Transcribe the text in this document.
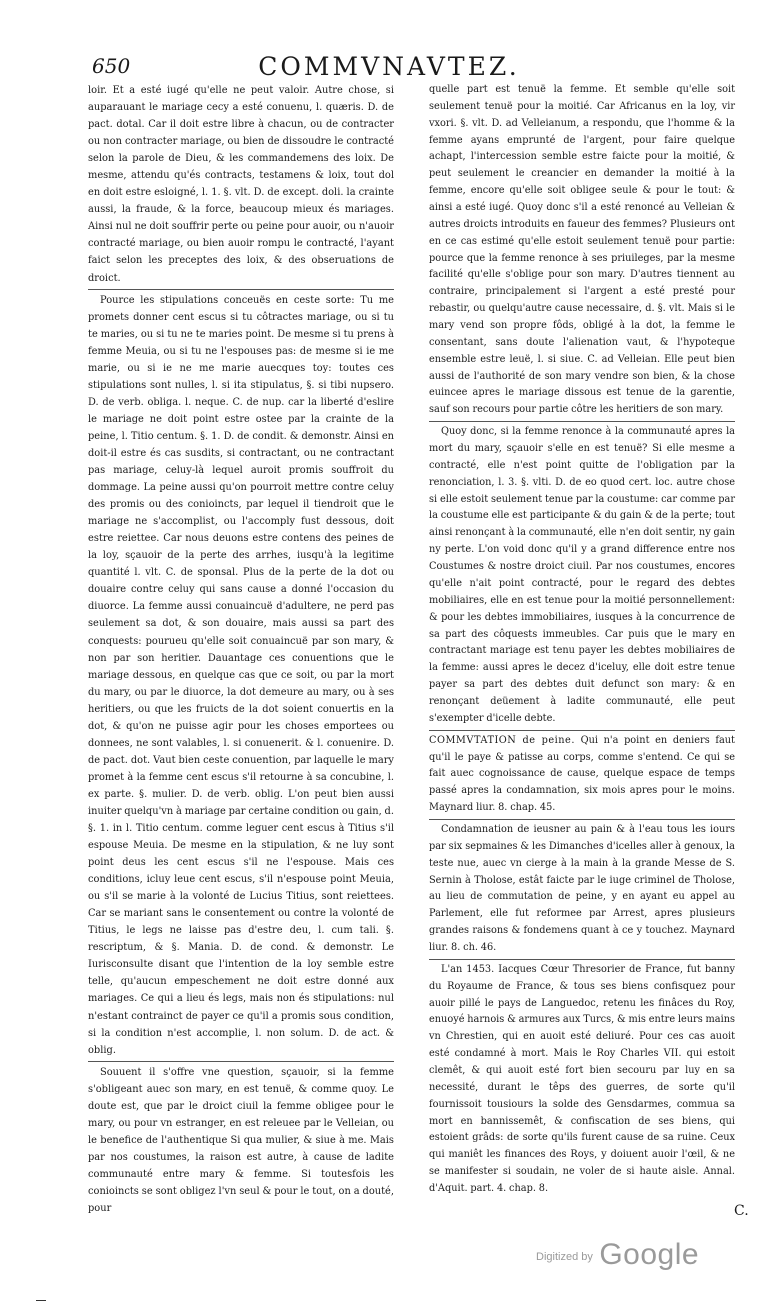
650	COMMVNAVTEZ.

loir. Et a esté iugé qu'elle ne peut valoir. Autre chose, si auparauant le mariage cecy a esté conuenu, l. quæris. D. de pact. dotal. Car il doit estre libre à chacun, ou de contracter ou non contracter mariage, ou bien de dissoudre le contracté selon la parole de Dieu, & les commandemens des loix. De mesme, attendu qu'és contracts, testamens & loix, tout dol en doit estre esloigné, l. 1. §. vlt. D. de except. doli. la crainte aussi, la fraude, & la force, beaucoup mieux és mariages. Ainsi nul ne doit souffrir perte ou peine pour auoir, ou n'auoir contracté mariage, ou bien auoir rompu le contracté, l'ayant faict selon les preceptes des loix, & des obseruations de droict.

Pource les stipulations conceuës en ceste sorte: Tu me promets donner cent escus si tu côtractes mariage, ou si tu te maries, ou si tu ne te maries point. De mesme si tu prens à femme Meuia, ou si tu ne l'espouses pas: de mesme si ie me marie, ou si ie ne me marie auecques toy: toutes ces stipulations sont nulles, l. si ita stipulatus, §. si tibi nupsero. D. de verb. obliga. l. neque. C. de nup. car la liberté d'eslire le mariage ne doit point estre ostee par la crainte de la peine, l. Titio centum. §. 1. D. de condit. & demonstr. Ainsi en doit-il estre és cas susdits, si contractant, ou ne contractant pas mariage, celuy-là lequel auroit promis souffroit du dommage. La peine aussi qu'on pourroit mettre contre celuy des promis ou des conioincts, par lequel il tiendroit que le mariage ne s'accomplist, ou l'accomply fust dessous, doit estre reiettee. Car nous deuons estre contens des peines de la loy, sçauoir de la perte des arrhes, iusqu'à la legitime quantité l. vlt. C. de sponsal. Plus de la perte de la dot ou douaire contre celuy qui sans cause a donné l'occasion du diuorce. La femme aussi conuaincuë d'adultere, ne perd pas seulement sa dot, & son douaire, mais aussi sa part des conquests: pourueu qu'elle soit conuaincuë par son mary, & non par son heritier. Dauantage ces conuentions que le mariage dessous, en quelque cas que ce soit, ou par la mort du mary, ou par le diuorce, la dot demeure au mary, ou à ses heritiers, ou que les fruicts de la dot soient conuertis en la dot, & qu'on ne puisse agir pour les choses emportees ou donnees, ne sont valables, l. si conuenerit. & l. conuenire. D. de pact. dot. Vaut bien ceste conuention, par laquelle le mary promet à la femme cent escus s'il retourne à sa concubine, l. ex parte. §. mulier. D. de verb. oblig. L'on peut bien aussi inuiter quelqu'vn à mariage par certaine condition ou gain, d. §. 1. in l. Titio centum. comme leguer cent escus à Titius s'il espouse Meuia. De mesme en la stipulation, & ne luy sont point deus les cent escus s'il ne l'espouse. Mais ces conditions, icluy leue cent escus, s'il n'espouse point Meuia, ou s'il se marie à la volonté de Lucius Titius, sont reiettees. Car se mariant sans le consentement ou contre la volonté de Titius, le legs ne laisse pas d'estre deu, l. cum tali. §. rescriptum, & §. Mania. D. de cond. & demonstr. Le Iurisconsulte disant que l'intention de la loy semble estre telle, qu'aucun empeschement ne doit estre donné aux mariages. Ce qui a lieu és legs, mais non és stipulations: nul n'estant contrainct de payer ce qu'il a promis sous condition, si la condition n'est accomplie, l. non solum. D. de act. & oblig.

Souuent il s'offre vne question, sçauoir, si la femme s'obligeant auec son mary, en est tenuë, & comme quoy. Le doute est, que par le droict ciuil la femme obligee pour le mary, ou pour vn estranger, en est releuee par le Velleian, ou le benefice de l'authentique Si qua mulier, & siue à me. Mais par nos coustumes, la raison est autre, à cause de ladite communauté entre mary & femme. Si toutesfois les conioincts se sont obligez l'vn seul & pour le tout, on a douté, pour

quelle part est tenuë la femme. Et semble qu'elle soit seulement tenuë pour la moitié. Car Africanus en la loy, vir vxori. §. vlt. D. ad Velleianum, a respondu, que l'homme & la femme ayans emprunté de l'argent, pour faire quelque achapt, l'intercession semble estre faicte pour la moitié, & peut seulement le creancier en demander la moitié à la femme, encore qu'elle soit obligee seule & pour le tout: & ainsi a esté iugé. Quoy donc s'il a esté renoncé au Velleian & autres droicts introduits en faueur des femmes? Plusieurs ont en ce cas estimé qu'elle estoit seulement tenuë pour partie: pource que la femme renonce à ses priuileges, par la mesme facilité qu'elle s'oblige pour son mary. D'autres tiennent au contraire, principalement si l'argent a esté presté pour rebastir, ou quelqu'autre cause necessaire, d. §. vlt. Mais si le mary vend son propre fôds, obligé à la dot, la femme le consentant, sans doute l'alienation vaut, & l'hypoteque ensemble estre leuë, l. si siue. C. ad Velleian. Elle peut bien aussi de l'authorité de son mary vendre son bien, & la chose euincee apres le mariage dissous est tenue de la garentie, sauf son recours pour partie côtre les heritiers de son mary.

Quoy donc, si la femme renonce à la communauté apres la mort du mary, sçauoir s'elle en est tenuë? Si elle mesme a contracté, elle n'est point quitte de l'obligation par la renonciation, l. 3. §. vlti. D. de eo quod cert. loc. autre chose si elle estoit seulement tenue par la coustume: car comme par la coustume elle est participante & du gain & de la perte; tout ainsi renonçant à la communauté, elle n'en doit sentir, ny gain ny perte. L'on void donc qu'il y a grand difference entre nos Coustumes & nostre droict ciuil. Par nos coustumes, encores qu'elle n'ait point contracté, pour le regard des debtes mobiliaires, elle en est tenue pour la moitié personnellement: & pour les debtes immobiliaires, iusques à la concurrence de sa part des côquests immeubles. Car puis que le mary en contractant mariage est tenu payer les debtes mobiliaires de la femme: aussi apres le decez d'iceluy, elle doit estre tenue payer sa part des debtes duit defunct son mary: & en renonçant deüement à ladite communauté, elle peut s'exempter d'icelle debte.

COMMVTATION de peine. Qui n'a point en deniers faut qu'il le paye & patisse au corps, comme s'entend. Ce qui se fait auec cognoissance de cause, quelque espace de temps passé apres la condamnation, six mois apres pour le moins. Maynard liur. 8. chap. 45.

Condamnation de ieusner au pain & à l'eau tous les iours par six sepmaines & les Dimanches d'icelles aller à genoux, la teste nue, auec vn cierge à la main à la grande Messe de S. Sernin à Tholose, estât faicte par le iuge criminel de Tholose, au lieu de commutation de peine, y en ayant eu appel au Parlement, elle fut reformee par Arrest, apres plusieurs grandes raisons & fondemens quant à ce y touchez. Maynard liur. 8. ch. 46.

L'an 1453. Iacques Cœur Thresorier de France, fut banny du Royaume de France, & tous ses biens confisquez pour auoir pillé le pays de Languedoc, retenu les finâces du Roy, enuoyé harnois & armures aux Turcs, & mis entre leurs mains vn Chrestien, qui en auoit esté deliuré. Pour ces cas auoit esté condamné à mort. Mais le Roy Charles VII. qui estoit clemêt, & qui auoit esté fort bien secouru par luy en sa necessité, durant le têps des guerres, de sorte qu'il fournissoit tousiours la solde des Gensdarmes, commua sa mort en bannissemêt, & confiscation de ses biens, qui estoient grâds: de sorte qu'ils furent cause de sa ruine. Ceux qui maniêt les finances des Roys, y doiuent auoir l'œil, & ne se manifester si soudain, ne voler de si haute aisle. Annal. d'Aquit. part. 4. chap. 8.

C.
$^{Digitized by}$ Google
